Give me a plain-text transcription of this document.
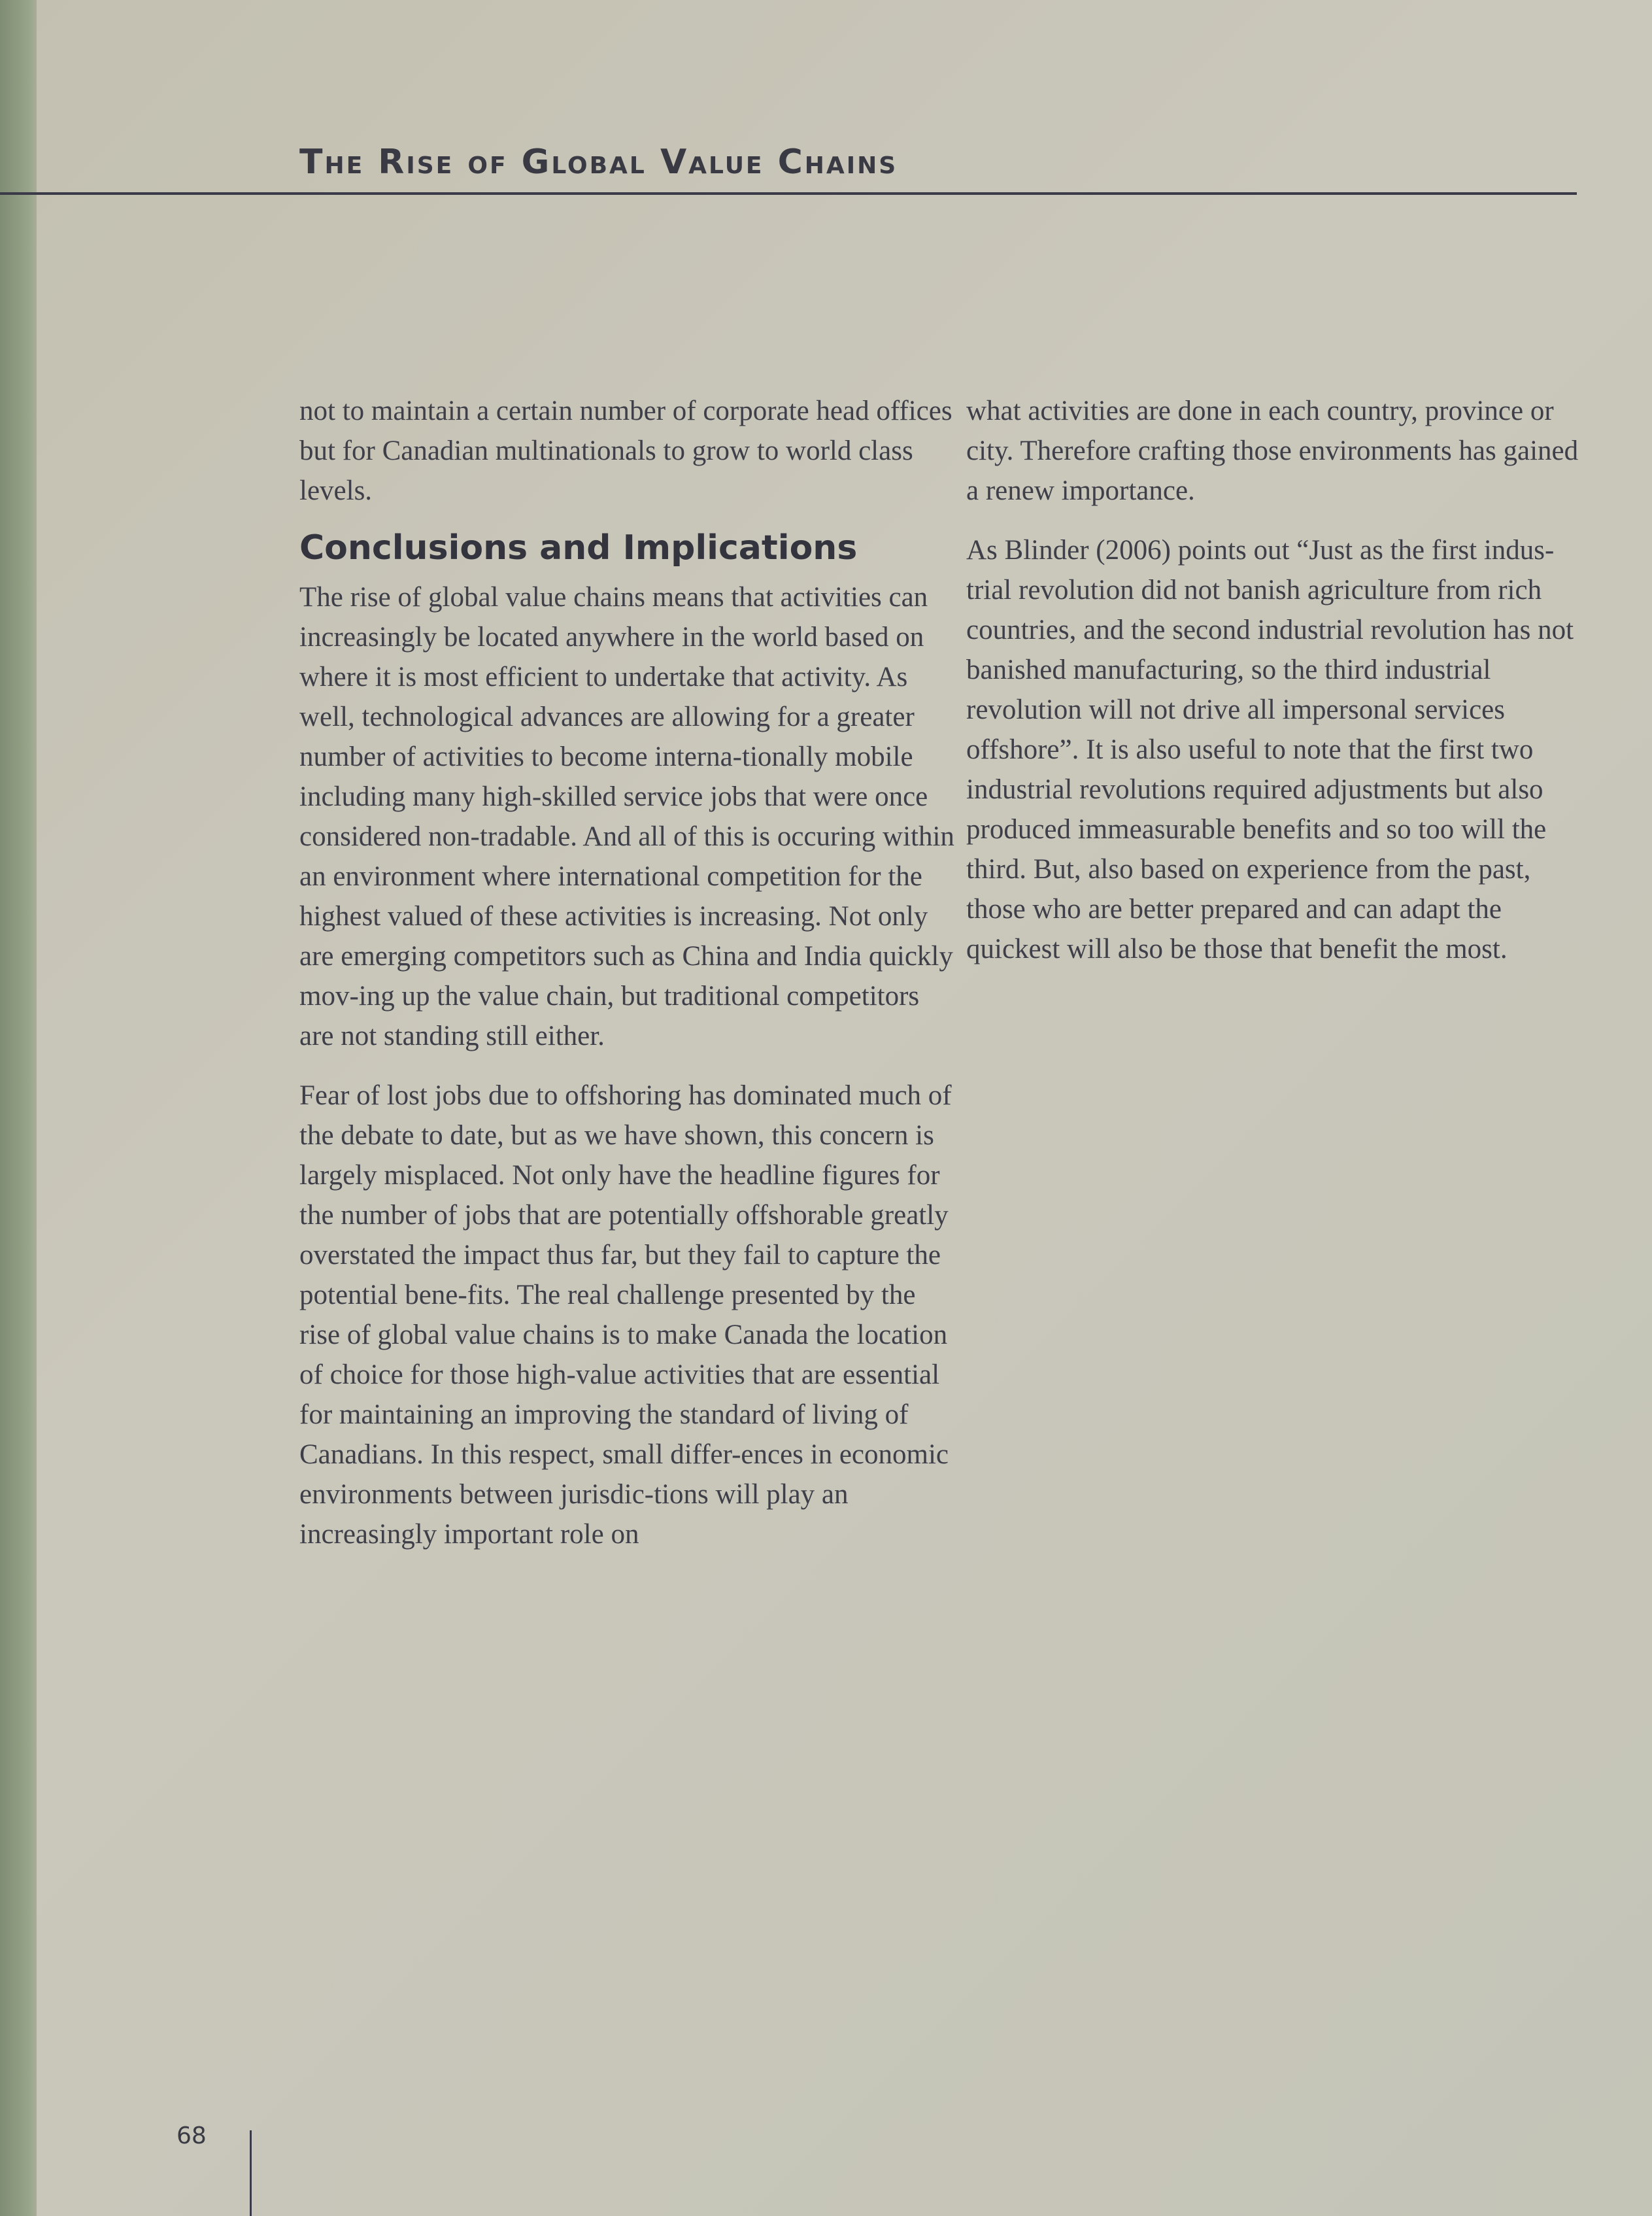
The Rise of Global Value Chains

not to maintain a certain number of corporate head offices but for Canadian multinationals to grow to world class levels.

Conclusions and Implications

The rise of global value chains means that activities can increasingly be located anywhere in the world based on where it is most efficient to undertake that activity. As well, technological advances are allowing for a greater number of activities to become interna-tionally mobile including many high-skilled service jobs that were once considered non-tradable. And all of this is occuring within an environment where international competition for the highest valued of these activities is increasing. Not only are emerging competitors such as China and India quickly mov-ing up the value chain, but traditional competitors are not standing still either.

Fear of lost jobs due to offshoring has dominated much of the debate to date, but as we have shown, this concern is largely misplaced. Not only have the headline figures for the number of jobs that are potentially offshorable greatly overstated the impact thus far, but they fail to capture the potential bene-fits. The real challenge presented by the rise of global value chains is to make Canada the location of choice for those high-value activities that are essential for maintaining an improving the standard of living of Canadians. In this respect, small differ-ences in economic environments between jurisdic-tions will play an increasingly important role on

what activities are done in each country, province or city. Therefore crafting those environments has gained a renew importance.

As Blinder (2006) points out “Just as the first indus-trial revolution did not banish agriculture from rich countries, and the second industrial revolution has not banished manufacturing, so the third industrial revolution will not drive all impersonal services offshore”. It is also useful to note that the first two industrial revolutions required adjustments but also produced immeasurable benefits and so too will the third. But, also based on experience from the past, those who are better prepared and can adapt the quickest will also be those that benefit the most.

68
